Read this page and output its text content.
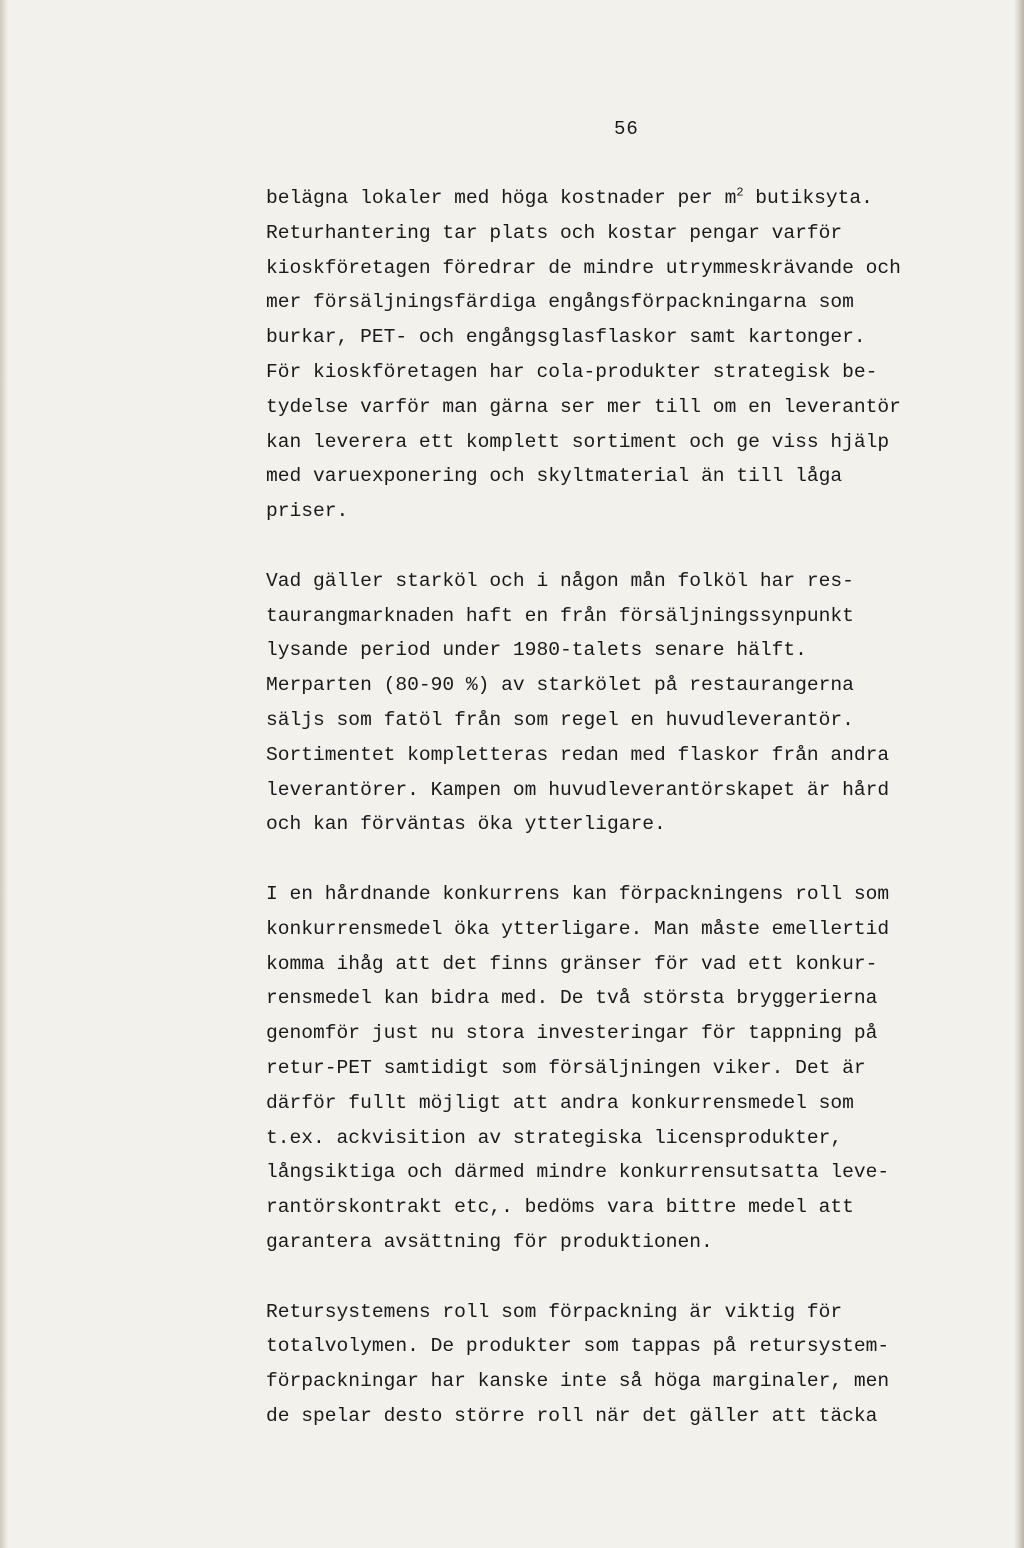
56
belägna lokaler med höga kostnader per $m^2$ butiksyta.
Returhantering tar plats och kostar pengar varför
kioskföretagen föredrar de mindre utrymmeskrävande och
mer försäljningsfärdiga engångsförpackningarna som
burkar, PET- och engångsglasflaskor samt kartonger.
För kioskföretagen har cola-produkter strategisk be-
tydelse varför man gärna ser mer till om en leverantör
kan leverera ett komplett sortiment och ge viss hjälp
med varuexponering och skyltmaterial än till låga
priser.
Vad gäller starköl och i någon mån folköl har res-
taurangmarknaden haft en från försäljningssynpunkt
lysande period under 1980-talets senare hälft.
Merparten (80-90 %) av starkölet på restaurangerna
säljs som fatöl från som regel en huvudleverantör.
Sortimentet kompletteras redan med flaskor från andra
leverantörer. Kampen om huvudleverantörskapet är hård
och kan förväntas öka ytterligare.
I en hårdnande konkurrens kan förpackningens roll som
konkurrensmedel öka ytterligare. Man måste emellertid
komma ihåg att det finns gränser för vad ett konkur-
rensmedel kan bidra med. De två största bryggerierna
genomför just nu stora investeringar för tappning på
retur-PET samtidigt som försäljningen viker. Det är
därför fullt möjligt att andra konkurrensmedel som
t.ex. ackvisition av strategiska licensprodukter,
långsiktiga och därmed mindre konkurrensutsatta leve-
rantörskontrakt etc,. bedöms vara bittre medel att
garantera avsättning för produktionen.
Retursystemens roll som förpackning är viktig för
totalvolymen. De produkter som tappas på retursystem-
förpackningar har kanske inte så höga marginaler, men
de spelar desto större roll när det gäller att täcka
